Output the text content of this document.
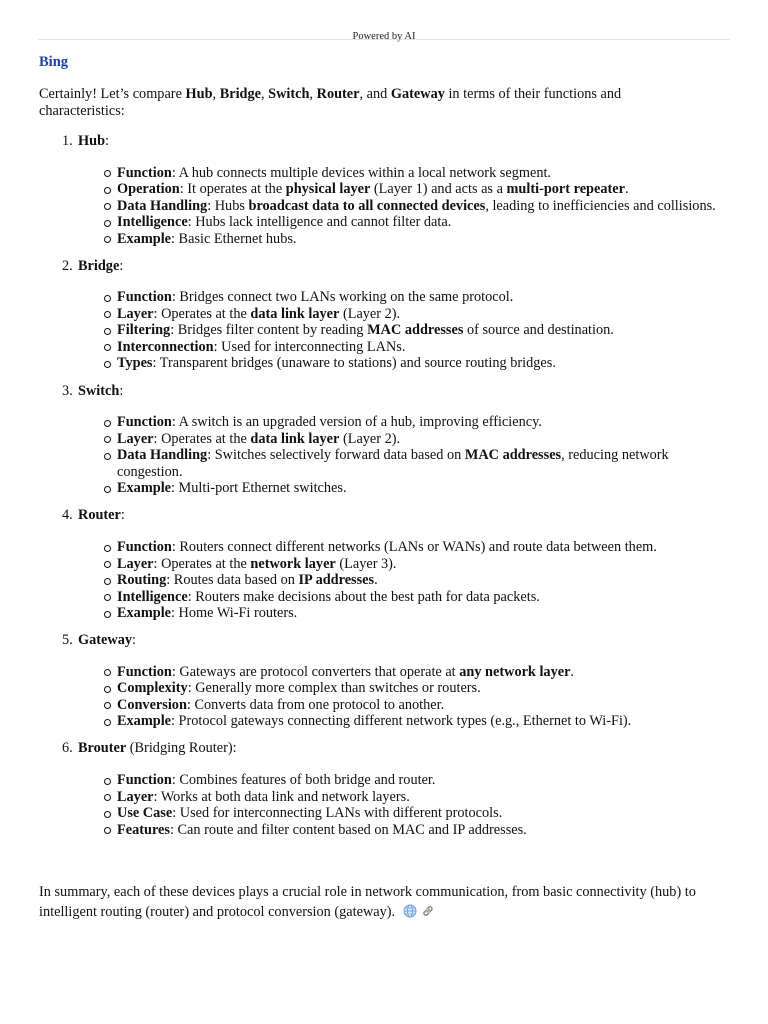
Powered by AI
Bing
Certainly! Let’s compare Hub, Bridge, Switch, Router, and Gateway in terms of their functions and characteristics:
1. Hub:
Function: A hub connects multiple devices within a local network segment.
Operation: It operates at the physical layer (Layer 1) and acts as a multi-port repeater.
Data Handling: Hubs broadcast data to all connected devices, leading to inefficiencies and collisions.
Intelligence: Hubs lack intelligence and cannot filter data.
Example: Basic Ethernet hubs.
2. Bridge:
Function: Bridges connect two LANs working on the same protocol.
Layer: Operates at the data link layer (Layer 2).
Filtering: Bridges filter content by reading MAC addresses of source and destination.
Interconnection: Used for interconnecting LANs.
Types: Transparent bridges (unaware to stations) and source routing bridges.
3. Switch:
Function: A switch is an upgraded version of a hub, improving efficiency.
Layer: Operates at the data link layer (Layer 2).
Data Handling: Switches selectively forward data based on MAC addresses, reducing network congestion.
Example: Multi-port Ethernet switches.
4. Router:
Function: Routers connect different networks (LANs or WANs) and route data between them.
Layer: Operates at the network layer (Layer 3).
Routing: Routes data based on IP addresses.
Intelligence: Routers make decisions about the best path for data packets.
Example: Home Wi-Fi routers.
5. Gateway:
Function: Gateways are protocol converters that operate at any network layer.
Complexity: Generally more complex than switches or routers.
Conversion: Converts data from one protocol to another.
Example: Protocol gateways connecting different network types (e.g., Ethernet to Wi-Fi).
6. Brouter (Bridging Router):
Function: Combines features of both bridge and router.
Layer: Works at both data link and network layers.
Use Case: Used for interconnecting LANs with different protocols.
Features: Can route and filter content based on MAC and IP addresses.
In summary, each of these devices plays a crucial role in network communication, from basic connectivity (hub) to intelligent routing (router) and protocol conversion (gateway).
